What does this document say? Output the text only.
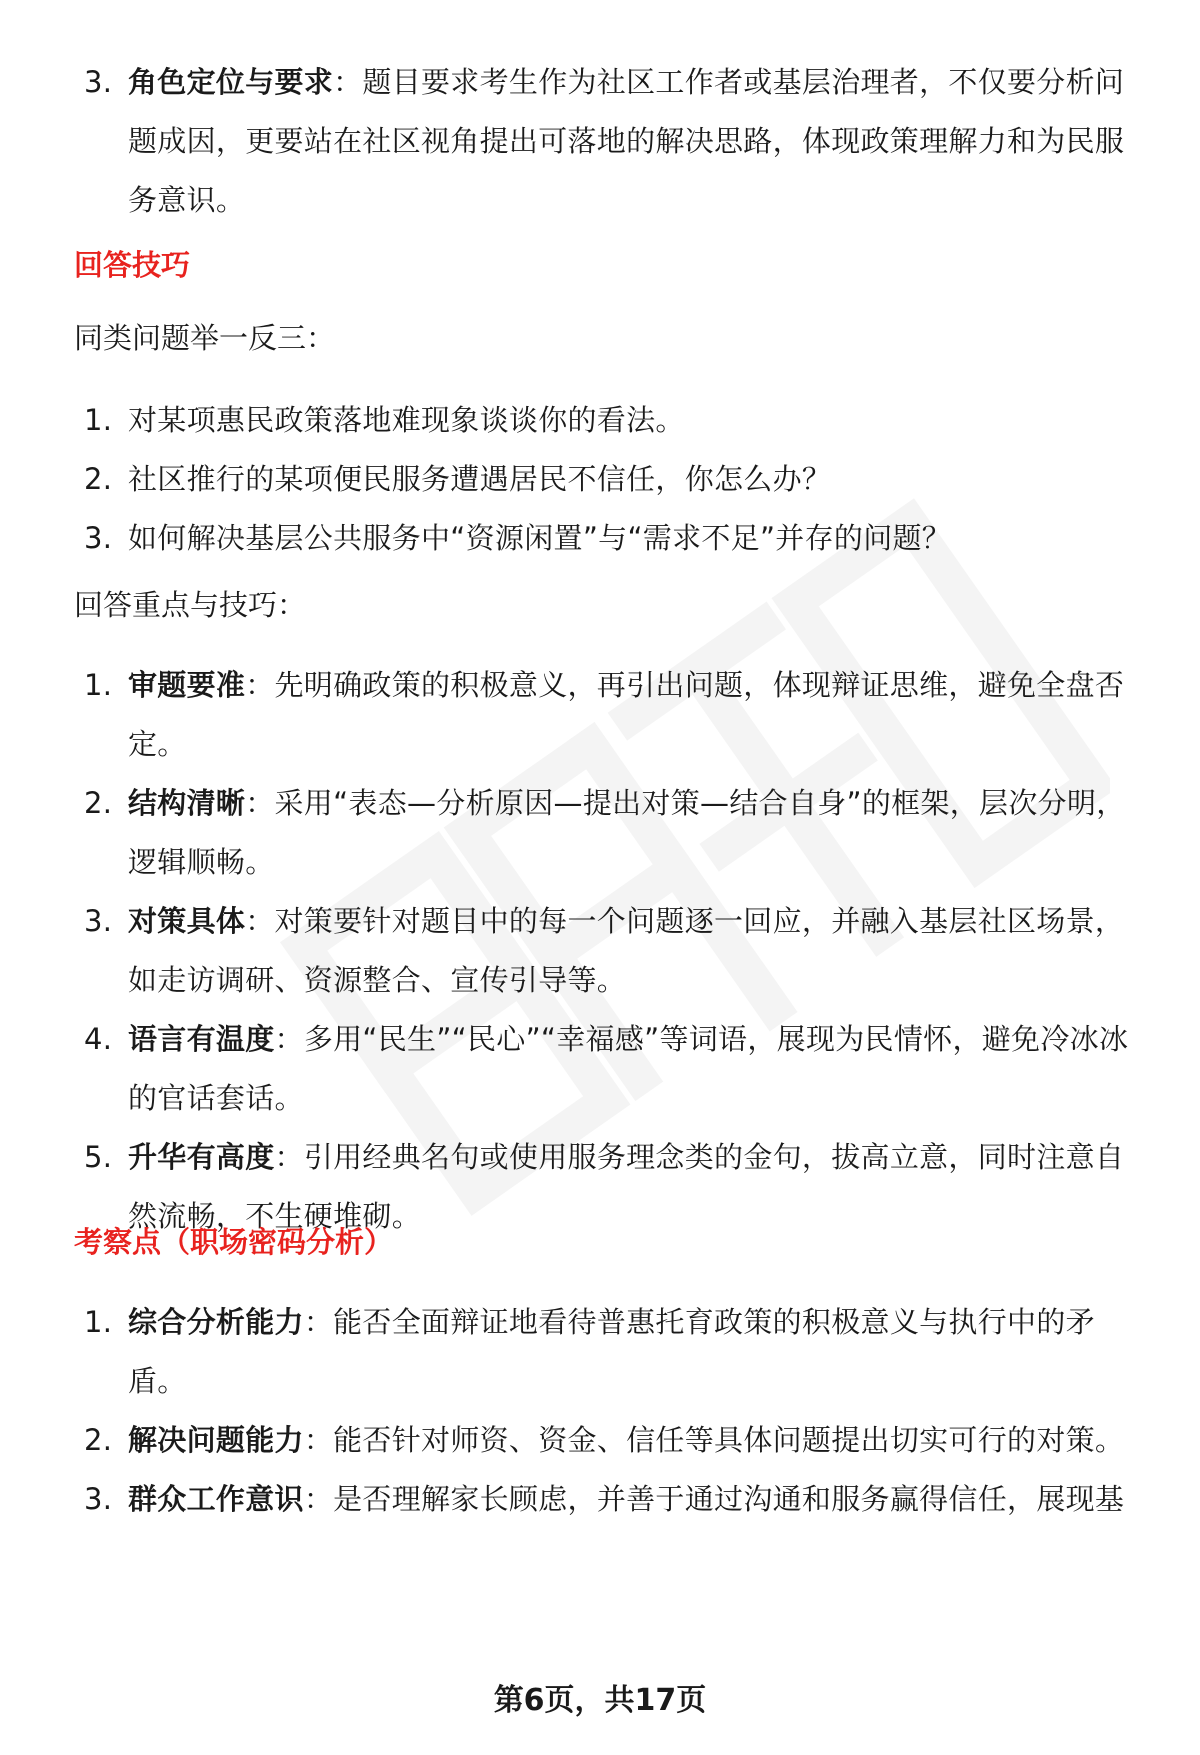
3. 角色定位与要求：题目要求考生作为社区工作者或基层治理者，不仅要分析问题成因，更要站在社区视角提出可落地的解决思路，体现政策理解力和为民服务意识。
回答技巧
同类问题举一反三：
1. 对某项惠民政策落地难现象谈谈你的看法。
2. 社区推行的某项便民服务遭遇居民不信任，你怎么办？
3. 如何解决基层公共服务中“资源闲置”与“需求不足”并存的问题？
回答重点与技巧：
1. 审题要准：先明确政策的积极意义，再引出问题，体现辩证思维，避免全盘否定。
2. 结构清晰：采用“表态—分析原因—提出对策—结合自身”的框架，层次分明，逻辑顺畅。
3. 对策具体：对策要针对题目中的每一个问题逐一回应，并融入基层社区场景，如走访调研、资源整合、宣传引导等。
4. 语言有温度：多用“民生”“民心”“幸福感”等词语，展现为民情怀，避免冷冰冰的官话套话。
5. 升华有高度：引用经典名句或使用服务理念类的金句，拔高立意，同时注意自然流畅，不生硬堆砌。
考察点（职场密码分析）
1. 综合分析能力：能否全面辩证地看待普惠托育政策的积极意义与执行中的矛盾。
2. 解决问题能力：能否针对师资、资金、信任等具体问题提出切实可行的对策。
3. 群众工作意识：是否理解家长顾虑，并善于通过沟通和服务赢得信任，展现基
第6页，共17页
